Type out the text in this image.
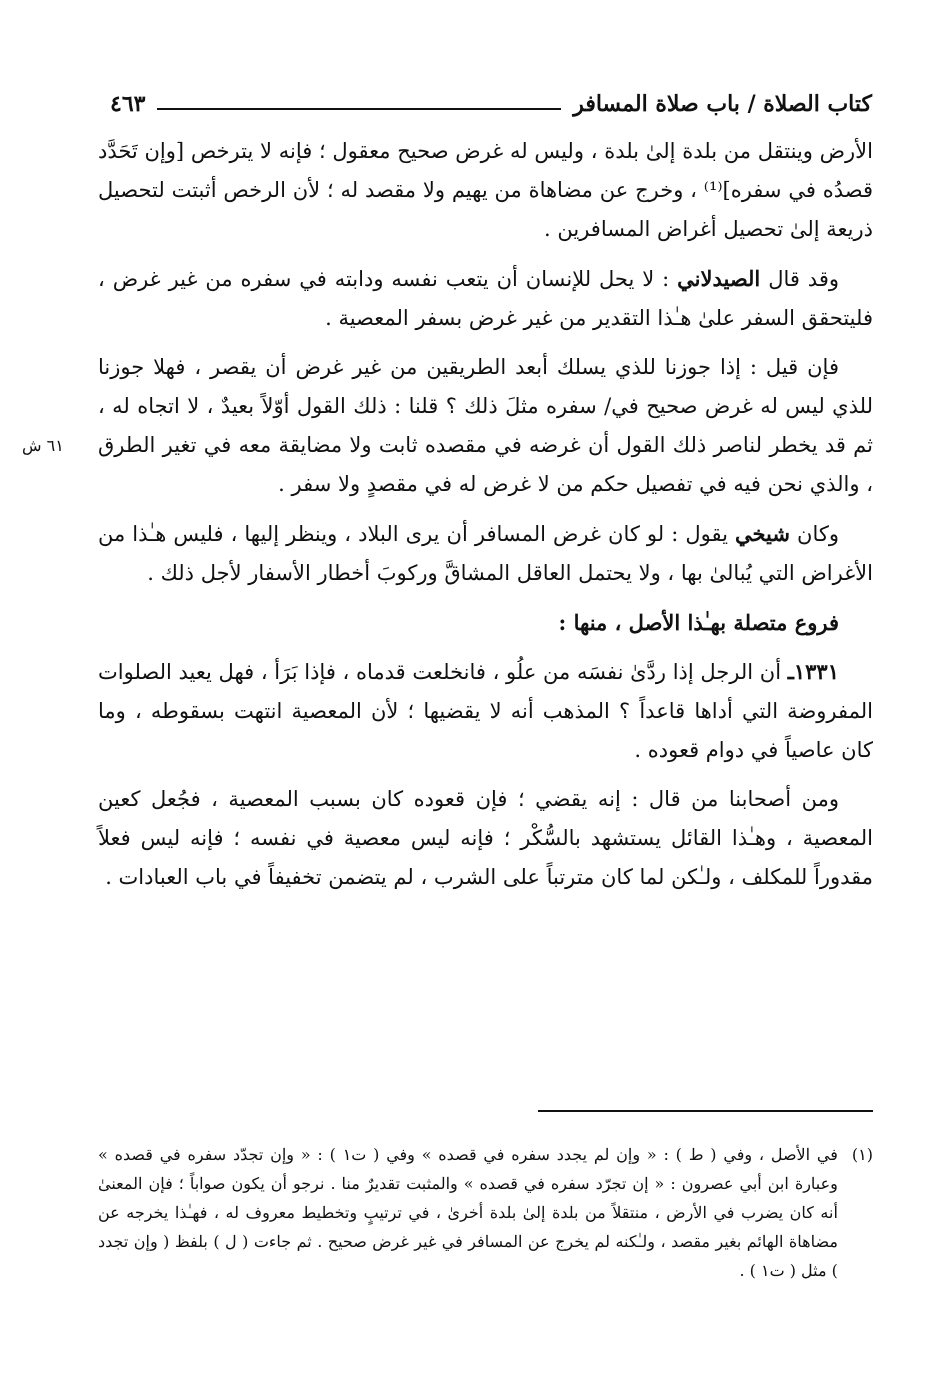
كتاب الصلاة / باب صلاة المسافر
٤٦٣
٦١ ش

الأرض وينتقل من بلدة إلىٰ بلدة ، وليس له غرض صحيح معقول ؛ فإنه لا يترخص [وإن تَحَدَّد قصدُه في سفره]⁽¹⁾ ، وخرج عن مضاهاة من يهيم ولا مقصد له ؛ لأن الرخص أثبتت لتحصيل ذريعة إلىٰ تحصيل أغراض المسافرين .

وقد قال الصيدلاني : لا يحل للإنسان أن يتعب نفسه ودابته في سفره من غير غرض ، فليتحقق السفر علىٰ هـٰذا التقدير من غير غرض بسفر المعصية .

فإن قيل : إذا جوزنا للذي يسلك أبعد الطريقين من غير غرض أن يقصر ، فهلا جوزنا للذي ليس له غرض صحيح في/ سفره مثلَ ذلك ؟ قلنا : ذلك القول أوّلاً بعيدٌ ، لا اتجاه له ، ثم قد يخطر لناصر ذلك القول أن غرضه في مقصده ثابت ولا مضايقة معه في تغير الطرق ، والذي نحن فيه في تفصيل حكم من لا غرض له في مقصدٍ ولا سفر .

وكان شيخي يقول : لو كان غرض المسافر أن يرى البلاد ، وينظر إليها ، فليس هـٰذا من الأغراض التي يُبالىٰ بها ، ولا يحتمل العاقل المشاقَّ وركوبَ أخطار الأسفار لأجل ذلك .

فروع متصلة بهـٰذا الأصل ، منها :

١٣٣١ـ أن الرجل إذا ردَّىٰ نفسَه من علُو ، فانخلعت قدماه ، فإذا بَرَأ ، فهل يعيد الصلوات المفروضة التي أداها قاعداً ؟ المذهب أنه لا يقضيها ؛ لأن المعصية انتهت بسقوطه ، وما كان عاصياً في دوام قعوده .

ومن أصحابنا من قال : إنه يقضي ؛ فإن قعوده كان بسبب المعصية ، فجُعل كعين المعصية ، وهـٰذا القائل يستشهد بالسُّكْر ؛ فإنه ليس معصية في نفسه ؛ فإنه ليس فعلاً مقدوراً للمكلف ، ولـٰكن لما كان مترتباً على الشرب ، لم يتضمن تخفيفاً في باب العبادات .

(١)
في الأصل ، وفي ( ط ) : « وإن لم يجدد سفره في قصده » وفي ( ت١ ) : « وإن تجدّد سفره في قصده » وعبارة ابن أبي عصرون : « إن تجرّد سفره في قصده » والمثبت تقديرٌ منا . نرجو أن يكون صواباً ؛ فإن المعنىٰ أنه كان يضرب في الأرض ، منتقلاً من بلدة إلىٰ بلدة أخرىٰ ، في ترتيبٍ وتخطيط معروف له ، فهـٰذا يخرجه عن مضاهاة الهائم بغير مقصد ، ولـٰكنه لم يخرج عن المسافر في غير غرض صحيح . ثم جاءت ( ل ) بلفظ ( وإن تجدد ) مثل ( ت١ ) .
